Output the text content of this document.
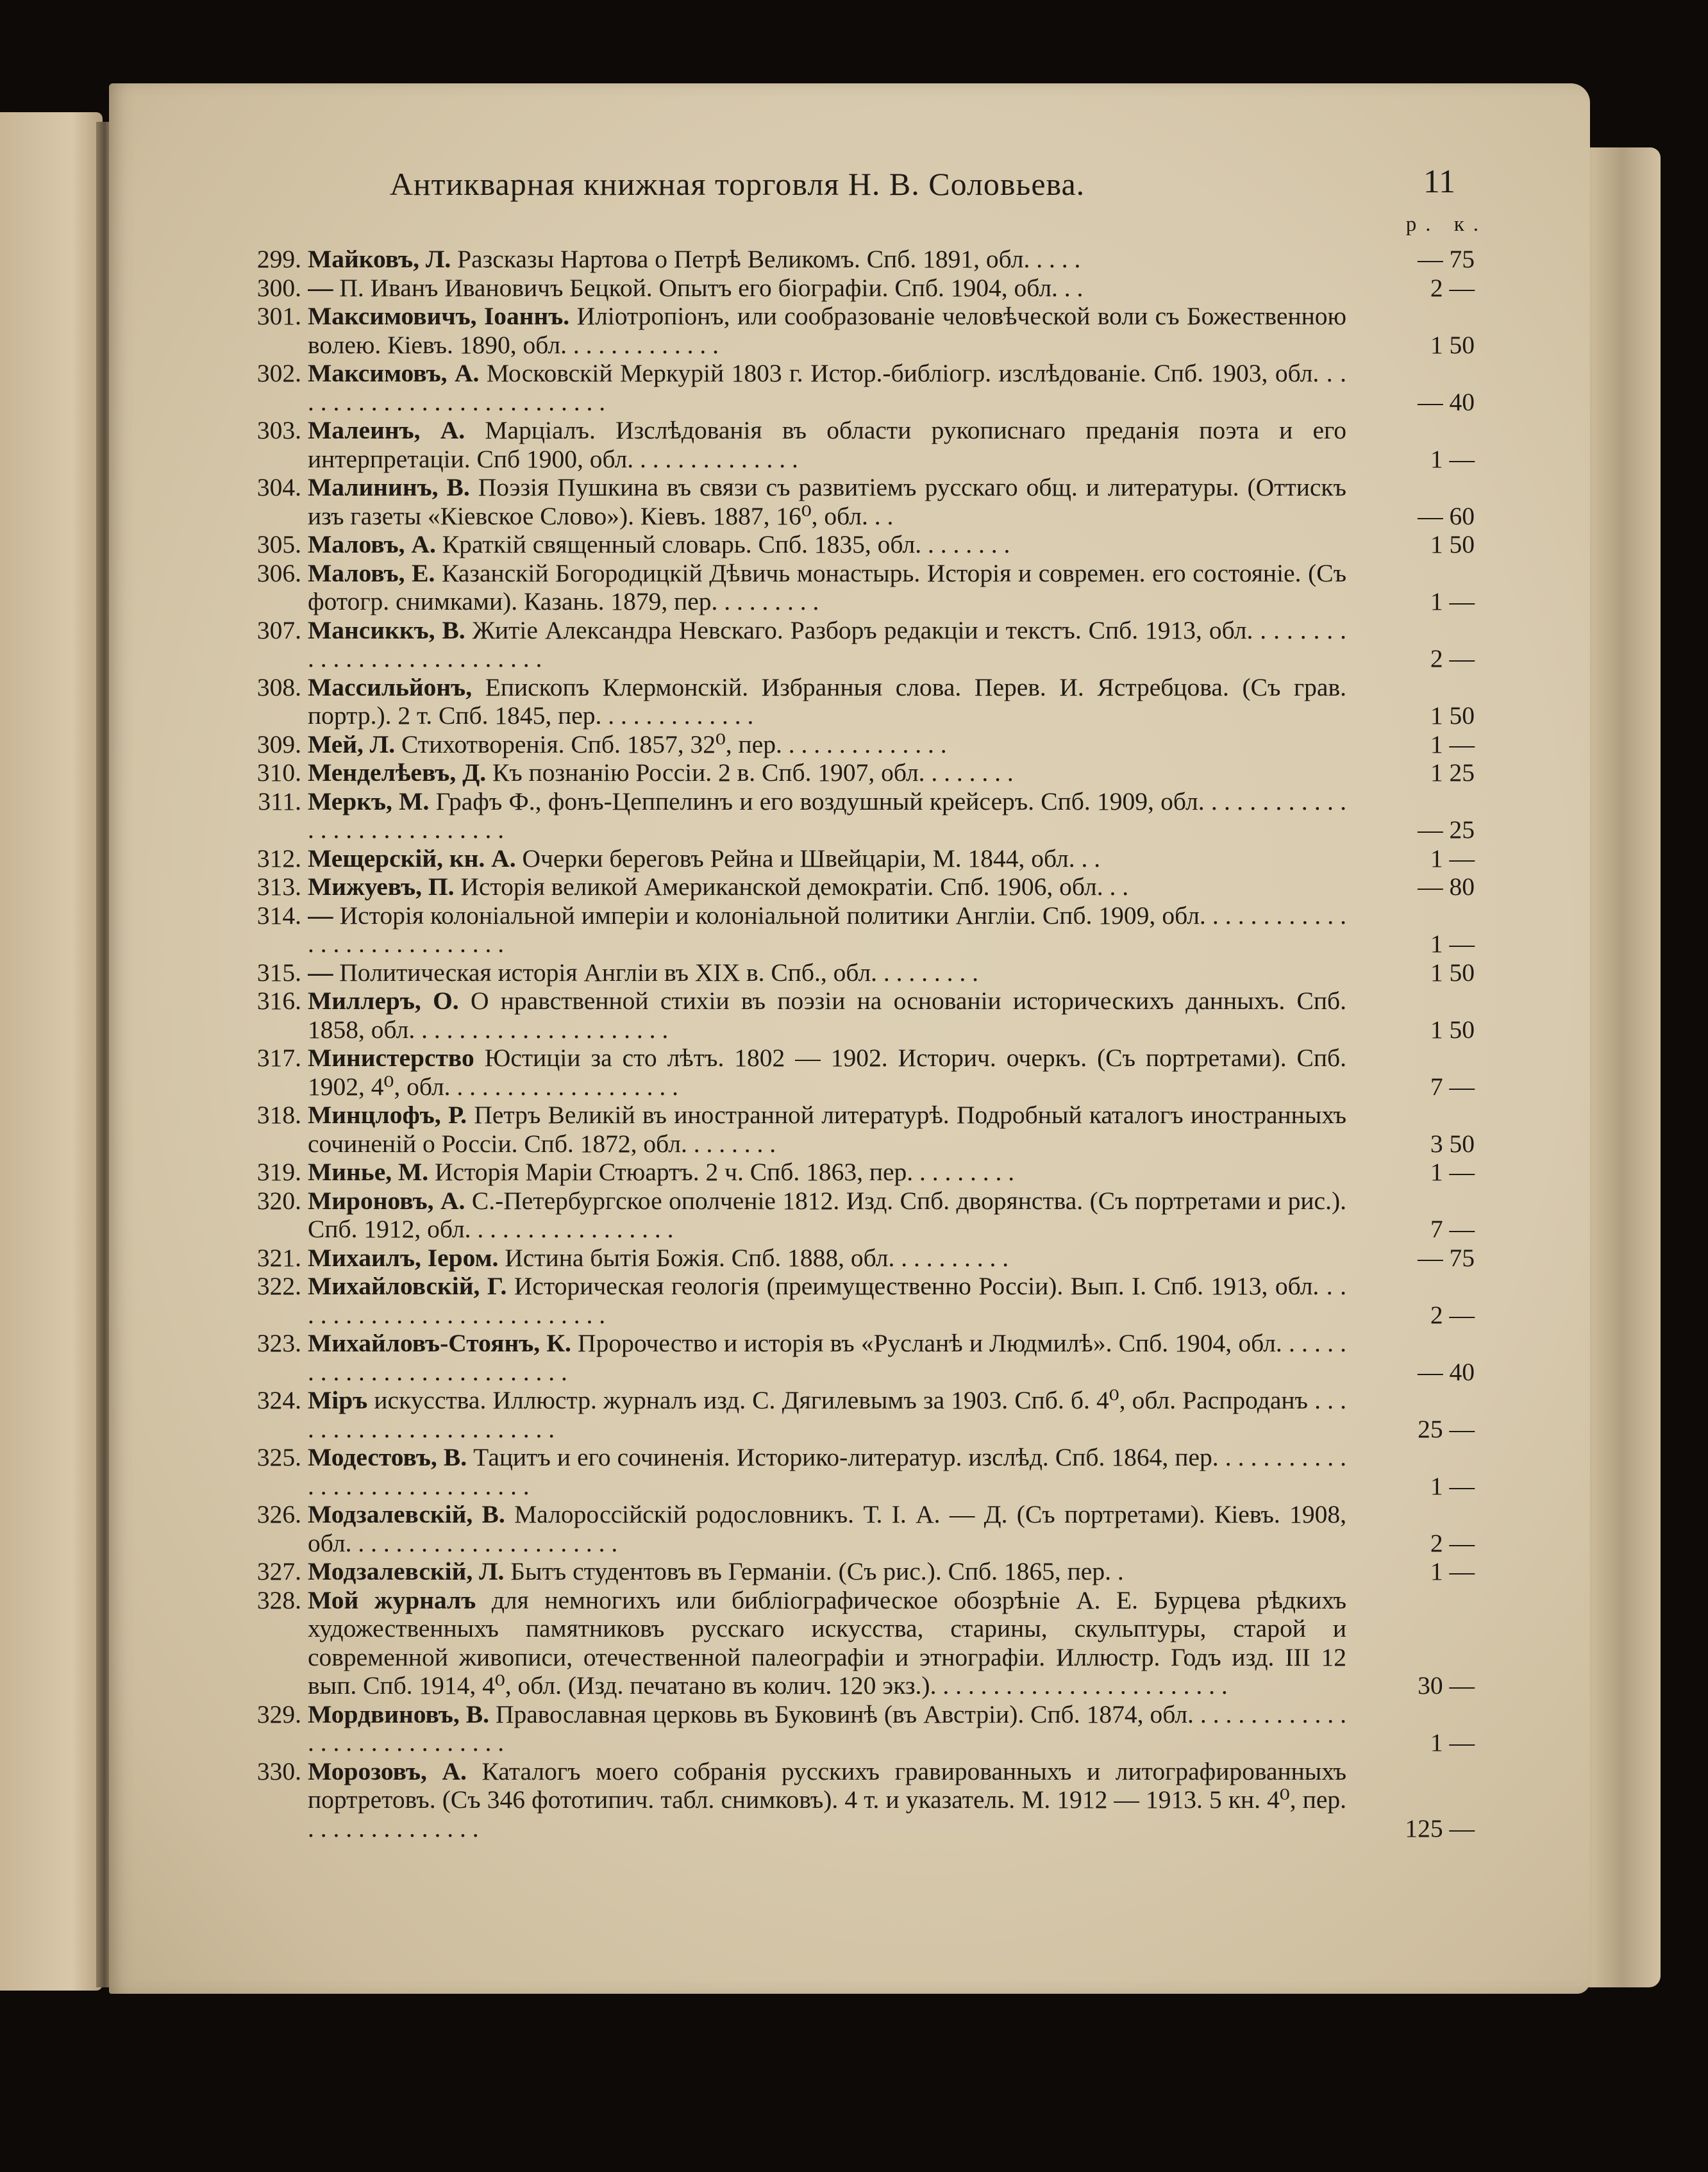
Антикварная книжная торговля Н. В. Соловьева.	11
р. к.
299. Майковъ, Л. Разсказы Нартова о Петрѣ Великомъ. Спб. 1891, обл. . . . .	— 75
300. — П. Иванъ Ивановичъ Бецкой. Опытъ его біографіи. Спб. 1904, обл. . .	2 —
301. Максимовичъ, Іоаннъ. Иліотропіонъ, или сообразованіе человѣческой воли съ Божественною волею. Кіевъ. 1890, обл. . . . . . . . . . . . .	1 50
302. Максимовъ, А. Московскій Меркурій 1803 г. Истор.-библіогр. изслѣдованіе. Спб. 1903, обл. . . . . . . . . . . . . . . . . . . . . . . . . . .	— 40
303. Малеинъ, А. Марціалъ. Изслѣдованія въ области рукописнаго преданія поэта и его интерпретаціи. Спб 1900, обл. . . . . . . . . . . . . .	1 —
304. Малининъ, В. Поэзія Пушкина въ связи съ развитіемъ русскаго общ. и литературы. (Оттискъ изъ газеты «Кіевское Слово»). Кіевъ. 1887, 16⁰, обл. . .	— 60
305. Маловъ, А. Краткій священный словарь. Спб. 1835, обл. . . . . . . .	1 50
306. Маловъ, Е. Казанскій Богородицкій Дѣвичь монастырь. Исторія и современ. его состояніе. (Съ фотогр. снимками). Казань. 1879, пер. . . . . . . . .	1 —
307. Мансиккъ, В. Житіе Александра Невскаго. Разборъ редакціи и текстъ. Спб. 1913, обл. . . . . . . . . . . . . . . . . . . . . . . . . . .	2 —
308. Массильйонъ, Епископъ Клермонскій. Избранныя слова. Перев. И. Ястребцова. (Съ грав. портр.). 2 т. Спб. 1845, пер. . . . . . . . . . . . .	1 50
309. Мей, Л. Стихотворенія. Спб. 1857, 32⁰, пер. . . . . . . . . . . . . .	1 —
310. Менделѣевъ, Д. Къ познанію Россіи. 2 в. Спб. 1907, обл. . . . . . . .	1 25
311. Меркъ, М. Графъ Ф., фонъ-Цеппелинъ и его воздушный крейсеръ. Спб. 1909, обл. . . . . . . . . . . . . . . . . . . . . . . . . . . .	— 25
312. Мещерскій, кн. А. Очерки береговъ Рейна и Швейцаріи, М. 1844, обл. . .	1 —
313. Мижуевъ, П. Исторія великой Американской демократіи. Спб. 1906, обл. . .	— 80
314. — Исторія колоніальной имперіи и колоніальной политики Англіи. Спб. 1909, обл. . . . . . . . . . . . . . . . . . . . . . . . . . . .	1 —
315. — Политическая исторія Англіи въ XIX в. Спб., обл. . . . . . . . .	1 50
316. Миллеръ, О. О нравственной стихіи въ поэзіи на основаніи историческихъ данныхъ. Спб. 1858, обл. . . . . . . . . . . . . . . . . . . . .	1 50
317. Министерство Юстиціи за сто лѣтъ. 1802 — 1902. Историч. очеркъ. (Съ портретами). Спб. 1902, 4⁰, обл. . . . . . . . . . . . . . . . . . .	7 —
318. Минцлофъ, Р. Петръ Великій въ иностранной литературѣ. Подробный каталогъ иностранныхъ сочиненій о Россіи. Спб. 1872, обл. . . . . . . .	3 50
319. Минье, М. Исторія Маріи Стюартъ. 2 ч. Спб. 1863, пер. . . . . . . . .	1 —
320. Мироновъ, А. С.-Петербургское ополченіе 1812. Изд. Спб. дворянства. (Съ портретами и рис.). Спб. 1912, обл. . . . . . . . . . . . . . . . .	7 —
321. Михаилъ, Іером. Истина бытія Божія. Спб. 1888, обл. . . . . . . . . .	— 75
322. Михайловскій, Г. Историческая геологія (преимущественно Россіи). Вып. I. Спб. 1913, обл. . . . . . . . . . . . . . . . . . . . . . . . . . .	2 —
323. Михайловъ-Стоянъ, К. Пророчество и исторія въ «Русланѣ и Людмилѣ». Спб. 1904, обл. . . . . . . . . . . . . . . . . . . . . . . . . . .	— 40
324. Міръ искусства. Иллюстр. журналъ изд. С. Дягилевымъ за 1903. Спб. б. 4⁰, обл. Распроданъ . . . . . . . . . . . . . . . . . . . . . . .	25 —
325. Модестовъ, В. Тацитъ и его сочиненія. Историко-литератур. изслѣд. Спб. 1864, пер. . . . . . . . . . . . . . . . . . . . . . . . . . . . .	1 —
326. Модзалевскій, В. Малороссійскій родословникъ. Т. I. А. — Д. (Съ портретами). Кіевъ. 1908, обл. . . . . . . . . . . . . . . . . . . . . .	2 —
327. Модзалевскій, Л. Бытъ студентовъ въ Германіи. (Съ рис.). Спб. 1865, пер. .	1 —
328. Мой журналъ для немногихъ или библіографическое обозрѣніе А. Е. Бурцева рѣдкихъ художественныхъ памятниковъ русскаго искусства, старины, скульптуры, старой и современной живописи, отечественной палеографіи и этнографіи. Иллюстр. Годъ изд. III 12 вып. Спб. 1914, 4⁰, обл. (Изд. печатано въ колич. 120 экз.). . . . . . . . . . . . . . . . . . . . . . . .	30 —
329. Мордвиновъ, В. Православная церковь въ Буковинѣ (въ Австріи). Спб. 1874, обл. . . . . . . . . . . . . . . . . . . . . . . . . . . . .	1 —
330. Морозовъ, А. Каталогъ моего собранія русскихъ гравированныхъ и литографированныхъ портретовъ. (Съ 346 фототипич. табл. снимковъ). 4 т. и указатель. М. 1912 — 1913. 5 кн. 4⁰, пер. . . . . . . . . . . . . . .	125 —
